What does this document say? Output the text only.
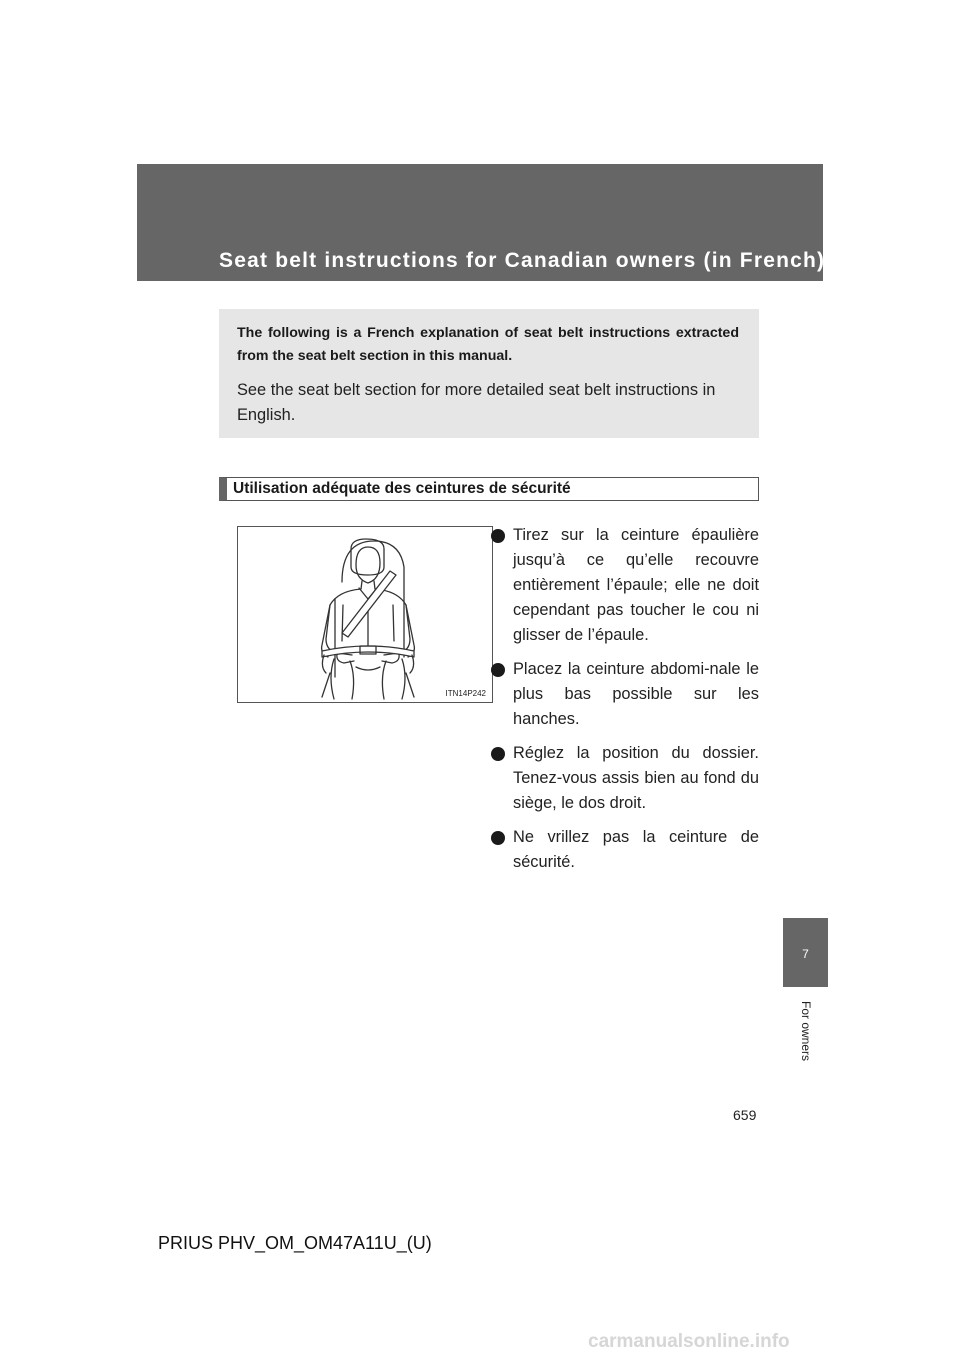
Seat belt instructions for Canadian owners (in French)

The following is a French explanation of seat belt instructions extracted from the seat belt section in this manual.

See the seat belt section for more detailed seat belt instructions in English.

Utilisation adéquate des ceintures de sécurité
ITN14P242
Tirez sur la ceinture épaulière jusqu’à ce qu’elle recouvre entièrement l’épaule; elle ne doit cependant pas toucher le cou ni glisser de l’épaule.
Placez la ceinture abdomi-nale le plus bas possible sur les hanches.
Réglez la position du dossier. Tenez-vous assis bien au fond du siège, le dos droit.
Ne vrillez pas la ceinture de sécurité.
7
For owners
659
PRIUS PHV_OM_OM47A11U_(U)
carmanualsonline.info
